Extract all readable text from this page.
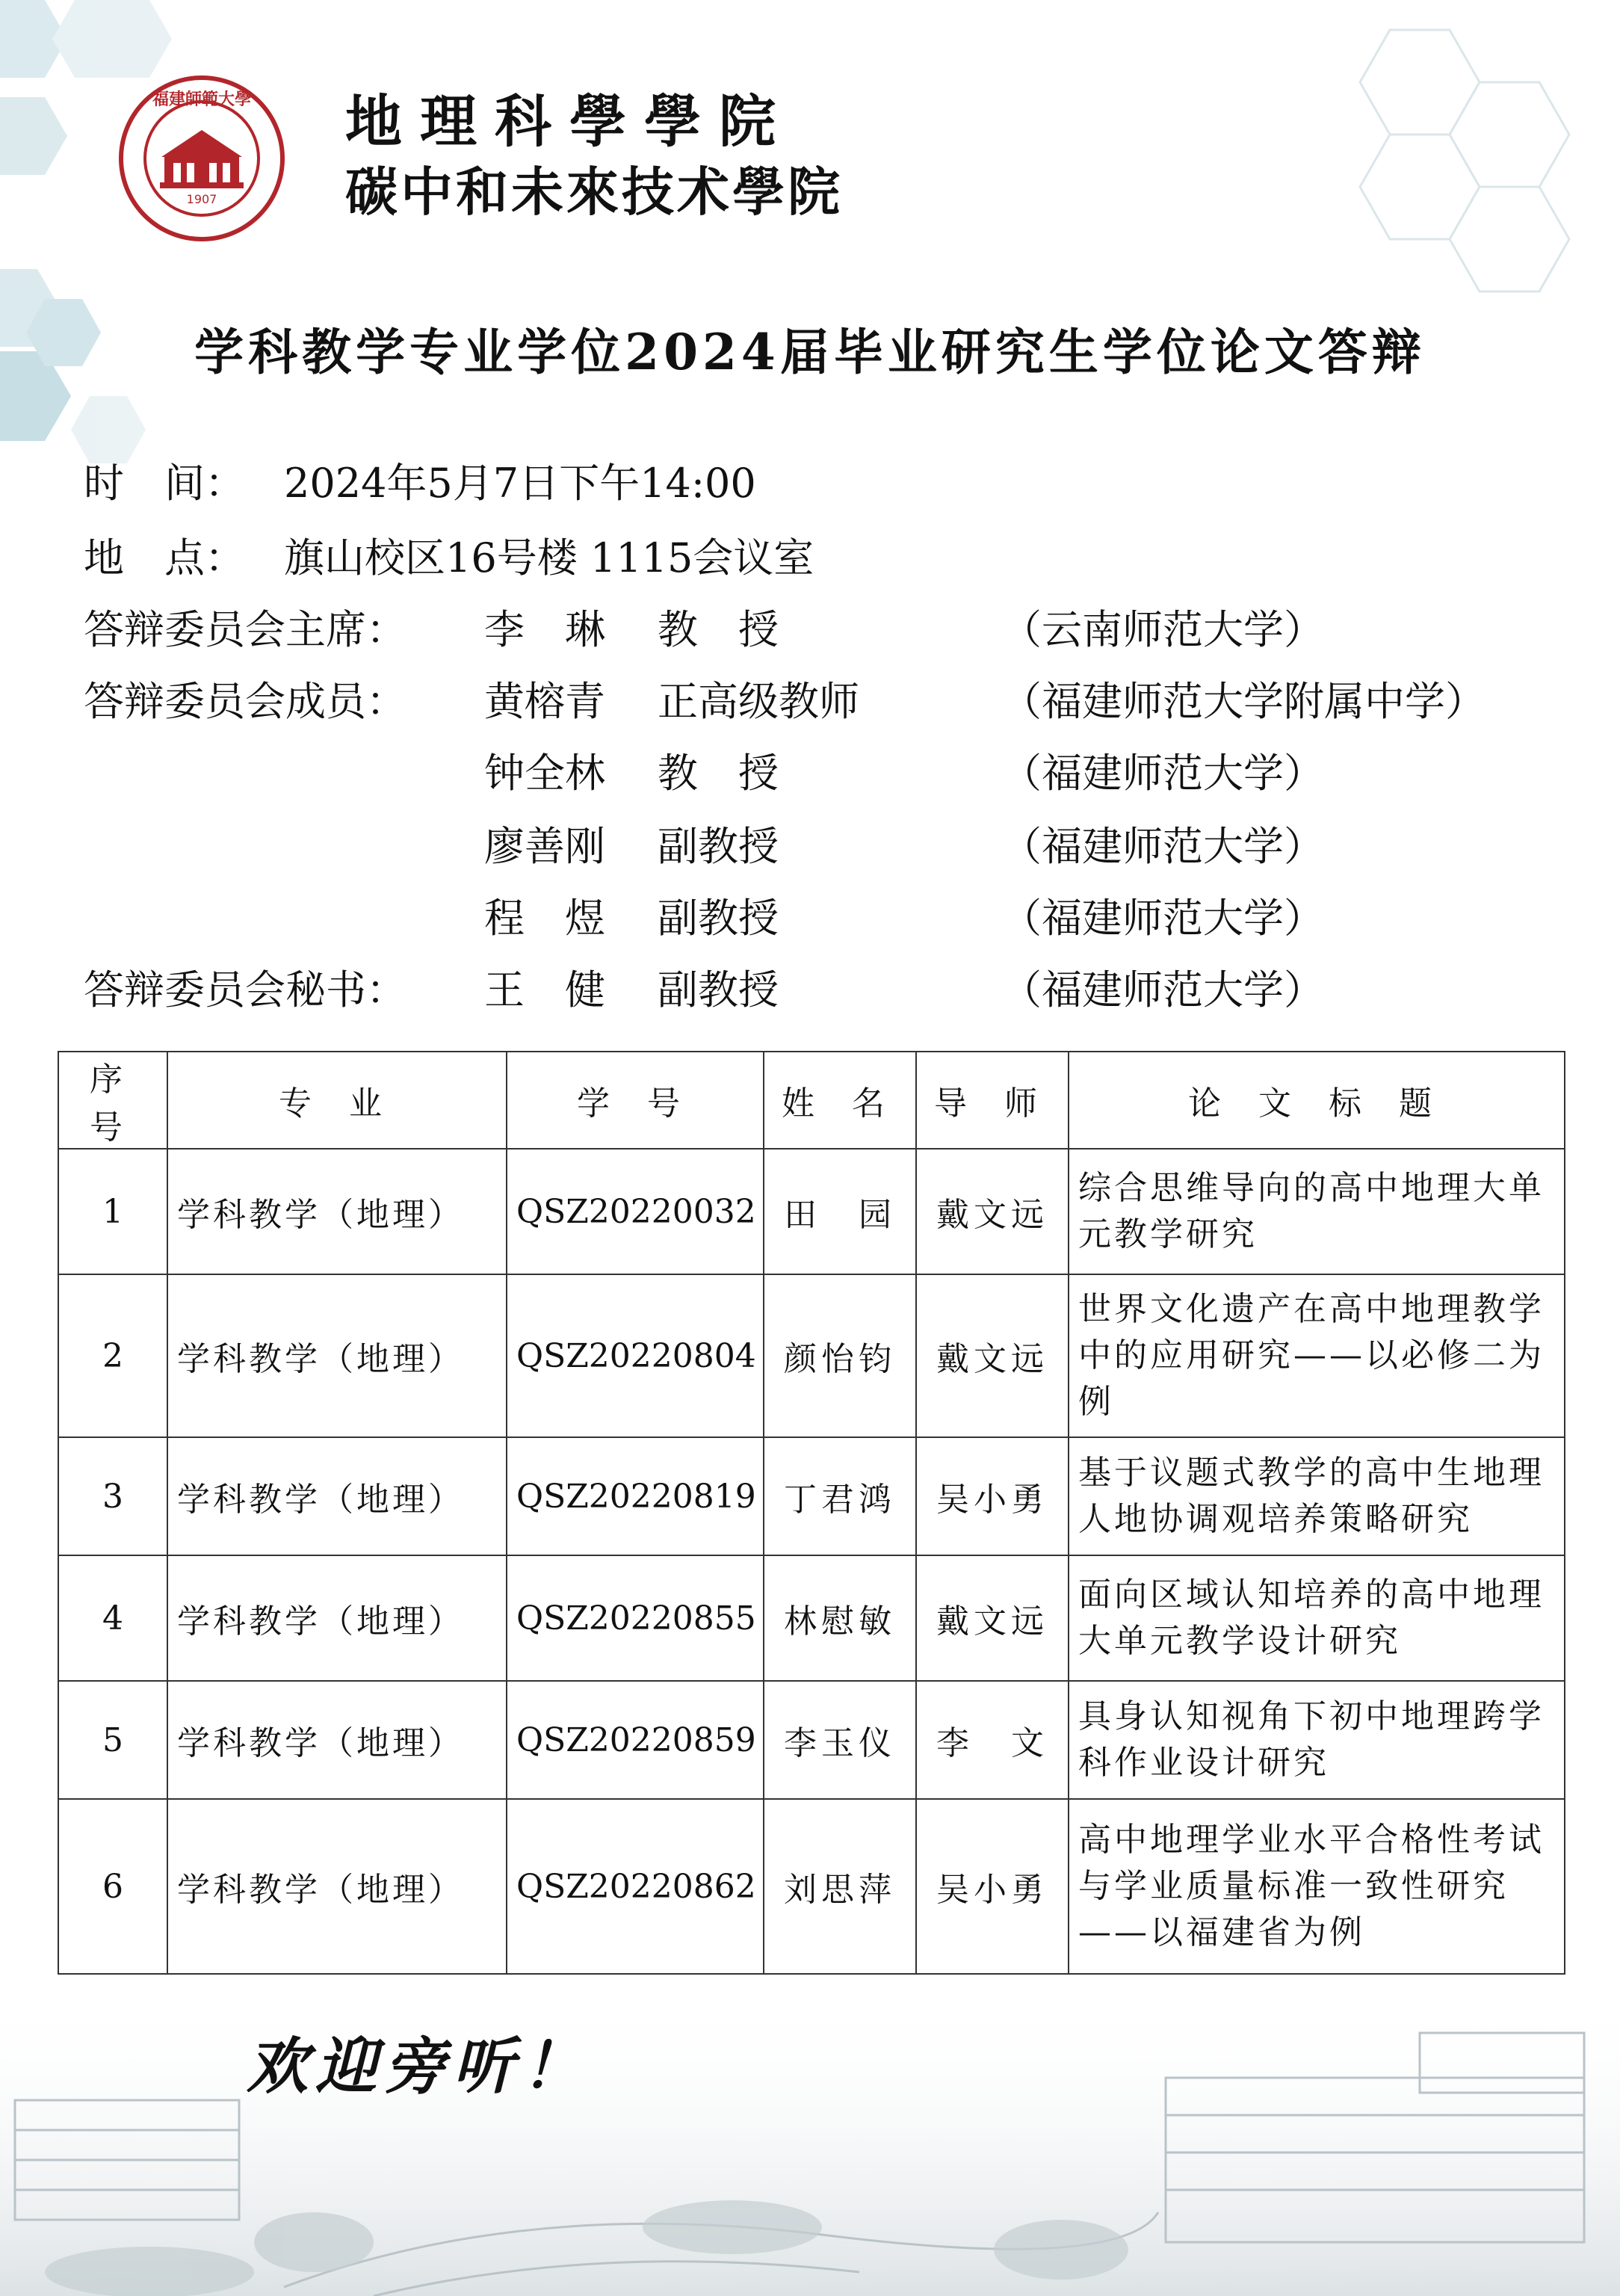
1907
福建師範大學 地理科學學院
碳中和未來技术學院
学科教学专业学位2024届毕业研究生学位论文答辩
时　间： 2024年5月7日下午14:00
地　点： 旗山校区16号楼 1115会议室
答辩委员会主席： 李　琳 教　授	（云南师范大学）
答辩委员会成员： 黄榕青 正高级教师	（福建师范大学附属中学）
钟全林 教　授	（福建师范大学）
廖善刚 副教授	（福建师范大学）
程　煜 副教授	（福建师范大学）
答辩委员会秘书： 王　健 副教授	（福建师范大学）
序号	专 业	学 号	姓 名	导 师	论 文 标 题
1	学科教学（地理）	QSZ20220032	田　园	戴文远	综合思维导向的高中地理大单元教学研究
2	学科教学（地理）	QSZ20220804	颜怡钧	戴文远	世界文化遗产在高中地理教学中的应用研究——以必修二为例
3	学科教学（地理）	QSZ20220819	丁君鸿	吴小勇	基于议题式教学的高中生地理人地协调观培养策略研究
4	学科教学（地理）	QSZ20220855	林慰敏	戴文远	面向区域认知培养的高中地理大单元教学设计研究
5	学科教学（地理）	QSZ20220859	李玉仪	李　文	具身认知视角下初中地理跨学科作业设计研究
6	学科教学（地理）	QSZ20220862	刘思萍	吴小勇	高中地理学业水平合格性考试与学业质量标准一致性研究——以福建省为例
欢迎旁听！
